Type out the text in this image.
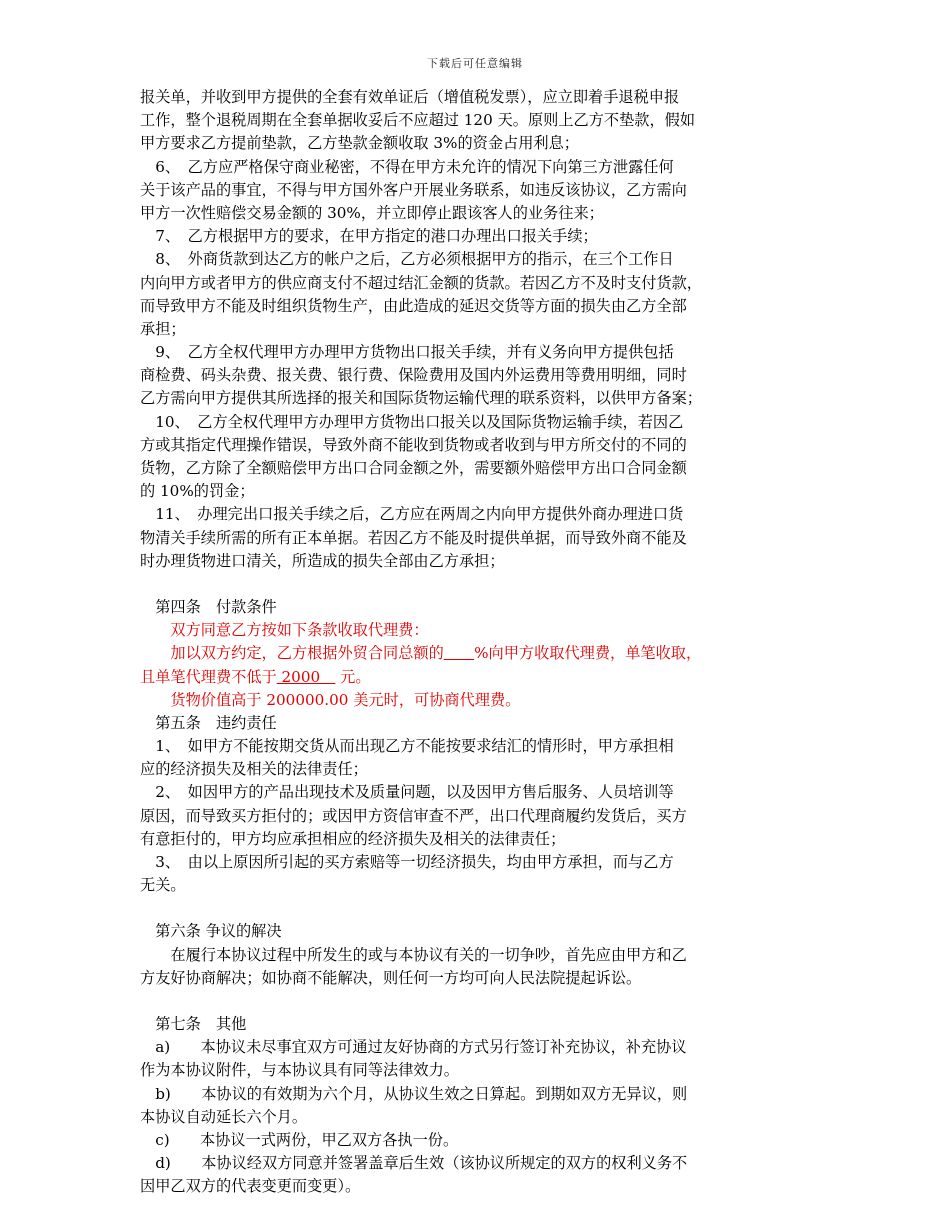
下载后可任意编辑
报关单，并收到甲方提供的全套有效单证后（增值税发票），应立即着手退税申报
工作，整个退税周期在全套单据收妥后不应超过 120 天。原则上乙方不垫款，假如
甲方要求乙方提前垫款，乙方垫款金额收取 3%的资金占用利息；
　6、　乙方应严格保守商业秘密，不得在甲方未允许的情况下向第三方泄露任何
关于该产品的事宜，不得与甲方国外客户开展业务联系，如违反该协议，乙方需向
甲方一次性赔偿交易金额的 30%，并立即停止跟该客人的业务往来；
　7、　乙方根据甲方的要求，在甲方指定的港口办理出口报关手续；
　8、　外商货款到达乙方的帐户之后，乙方必须根据甲方的指示，在三个工作日
内向甲方或者甲方的供应商支付不超过结汇金额的货款。若因乙方不及时支付货款，
而导致甲方不能及时组织货物生产，由此造成的延迟交货等方面的损失由乙方全部
承担；
　9、　乙方全权代理甲方办理甲方货物出口报关手续，并有义务向甲方提供包括
商检费、码头杂费、报关费、银行费、保险费用及国内外运费用等费用明细，同时
乙方需向甲方提供其所选择的报关和国际货物运输代理的联系资料，以供甲方备案；
　10、　乙方全权代理甲方办理甲方货物出口报关以及国际货物运输手续，若因乙
方或其指定代理操作错误，导致外商不能收到货物或者收到与甲方所交付的不同的
货物，乙方除了全额赔偿甲方出口合同金额之外，需要额外赔偿甲方出口合同金额
的 10%的罚金；
　11、　办理完出口报关手续之后，乙方应在两周之内向甲方提供外商办理进口货
物清关手续所需的所有正本单据。若因乙方不能及时提供单据，而导致外商不能及
时办理货物进口清关，所造成的损失全部由乙方承担；
　第四条　付款条件
　　双方同意乙方按如下条款收取代理费：
　　加以双方约定，乙方根据外贸合同总额的　　 %向甲方收取代理费，单笔收取，
且单笔代理费不低于 2000　 元。
　　货物价值高于 200000.00 美元时，可协商代理费。
　第五条　违约责任
　1、　如甲方不能按期交货从而出现乙方不能按要求结汇的情形时，甲方承担相
应的经济损失及相关的法律责任；
　2、　如因甲方的产品出现技术及质量问题，以及因甲方售后服务、人员培训等
原因，而导致买方拒付的；或因甲方资信审查不严，出口代理商履约发货后，买方
有意拒付的，甲方均应承担相应的经济损失及相关的法律责任；
　3、　由以上原因所引起的买方索赔等一切经济损失，均由甲方承担，而与乙方
无关。
　第六条 争议的解决
　　在履行本协议过程中所发生的或与本协议有关的一切争吵，首先应由甲方和乙
方友好协商解决；如协商不能解决，则任何一方均可向人民法院提起诉讼。
　第七条　其他
　a)　　本协议未尽事宜双方可通过友好协商的方式另行签订补充协议，补充协议
作为本协议附件，与本协议具有同等法律效力。
　b)　　本协议的有效期为六个月，从协议生效之日算起。到期如双方无异议，则
本协议自动延长六个月。
　c)　　本协议一式两份，甲乙双方各执一份。
　d)　　本协议经双方同意并签署盖章后生效（该协议所规定的双方的权利义务不
因甲乙双方的代表变更而变更）。
